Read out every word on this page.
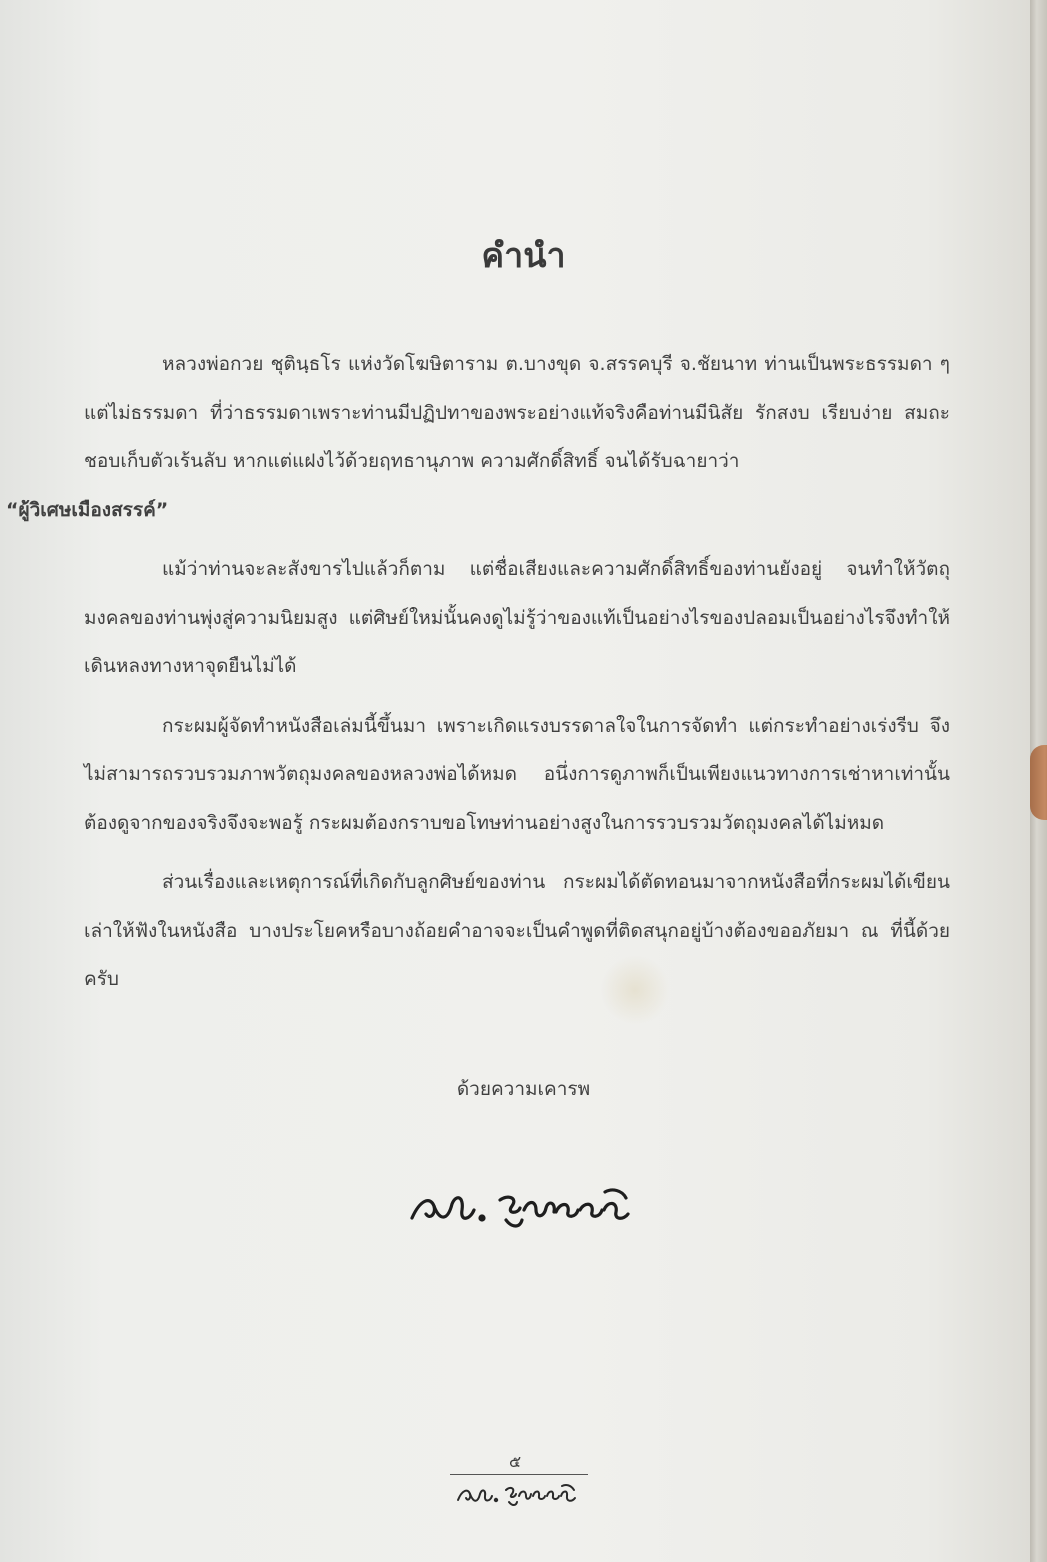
คำนำ

หลวงพ่อกวย ชุตินฺธโร แห่งวัดโฆษิตาราม ต.บางขุด จ.สรรคบุรี จ.ชัยนาท ท่านเป็นพระธรรมดา ๆ แต่ไม่ธรรมดา ที่ว่าธรรมดาเพราะท่านมีปฏิปทาของพระอย่างแท้จริงคือท่านมีนิสัย รักสงบ เรียบง่าย สมถะ ชอบเก็บตัวเร้นลับ หากแต่แฝงไว้ด้วยฤทธานุภาพ ความศักดิ์สิทธิ์ จนได้รับฉายาว่า
“ผู้วิเศษเมืองสรรค์”

แม้ว่าท่านจะละสังขารไปแล้วก็ตาม แต่ชื่อเสียงและความศักดิ์สิทธิ์ของท่านยังอยู่ จนทำให้วัตถุมงคลของท่านพุ่งสู่ความนิยมสูง แต่ศิษย์ใหม่นั้นคงดูไม่รู้ว่าของแท้เป็นอย่างไรของปลอมเป็นอย่างไรจึงทำให้เดินหลงทางหาจุดยืนไม่ได้

กระผมผู้จัดทำหนังสือเล่มนี้ขึ้นมา เพราะเกิดแรงบรรดาลใจในการจัดทำ แต่กระทำอย่างเร่งรีบ จึงไม่สามารถรวบรวมภาพวัตถุมงคลของหลวงพ่อได้หมด อนึ่งการดูภาพก็เป็นเพียงแนวทางการเช่าหาเท่านั้น ต้องดูจากของจริงจึงจะพอรู้ กระผมต้องกราบขอโทษท่านอย่างสูงในการรวบรวมวัตถุมงคลได้ไม่หมด

ส่วนเรื่องและเหตุการณ์ที่เกิดกับลูกศิษย์ของท่าน กระผมได้ตัดทอนมาจากหนังสือที่กระผมได้เขียนเล่าให้ฟังในหนังสือ บางประโยคหรือบางถ้อยคำอาจจะเป็นคำพูดที่ติดสนุกอยู่บ้างต้องขออภัยมา ณ ที่นี้ด้วยครับ

ด้วยความเคารพ
๕
